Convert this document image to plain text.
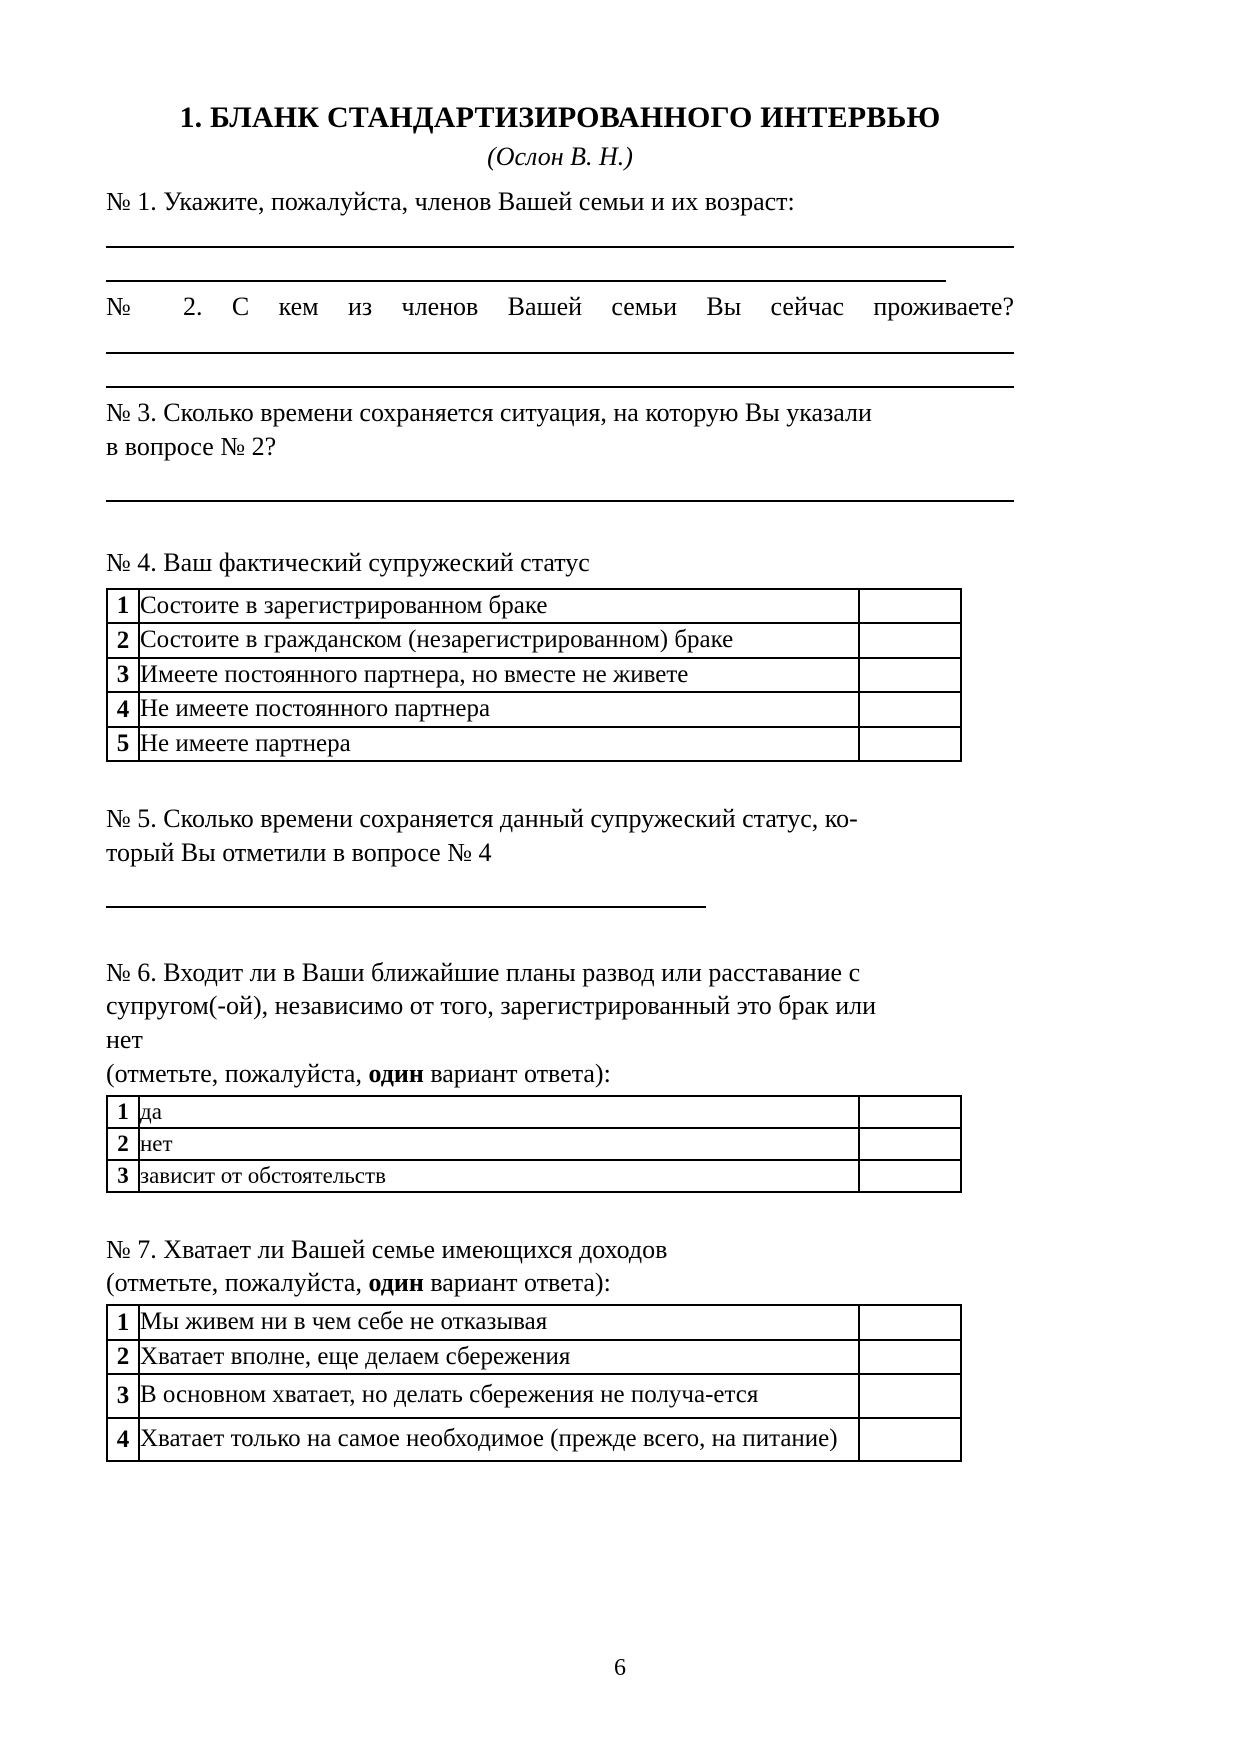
1. БЛАНК СТАНДАРТИЗИРОВАННОГО ИНТЕРВЬЮ
(Ослон В. Н.)

№ 1. Укажите, пожалуйста, членов Вашей семьи и их возраст:

№ 2. С кем из членов Вашей семьи Вы сейчас проживаете?

№ 3. Сколько времени сохраняется ситуация, на которую Вы указали

в вопросе № 2?

№ 4. Ваш фактический супружеский статус

1	Состоите в зарегистрированном браке	
2	Состоите в гражданском (незарегистрированном) браке	
3	Имеете постоянного партнера, но вместе не живете	
4	Не имеете постоянного партнера	
5	Не имеете партнера	

№ 5. Сколько времени сохраняется данный супружеский статус, ко-

торый Вы отметили в вопросе № 4

№ 6. Входит ли в Ваши ближайшие планы развод или расставание с

супругом(-ой), независимо от того, зарегистрированный это брак или

нет

(отметьте, пожалуйста, один вариант ответа):

1	да	
2	нет	
3	зависит от обстоятельств	

№ 7. Хватает ли Вашей семье имеющихся доходов

(отметьте, пожалуйста, один вариант ответа):

1	Мы живем ни в чем себе не отказывая	
2	Хватает вполне, еще делаем сбережения	
3	В основном хватает, но делать сбережения не получа-ется	
4	Хватает только на самое необходимое (прежде всего, на питание)	
6
